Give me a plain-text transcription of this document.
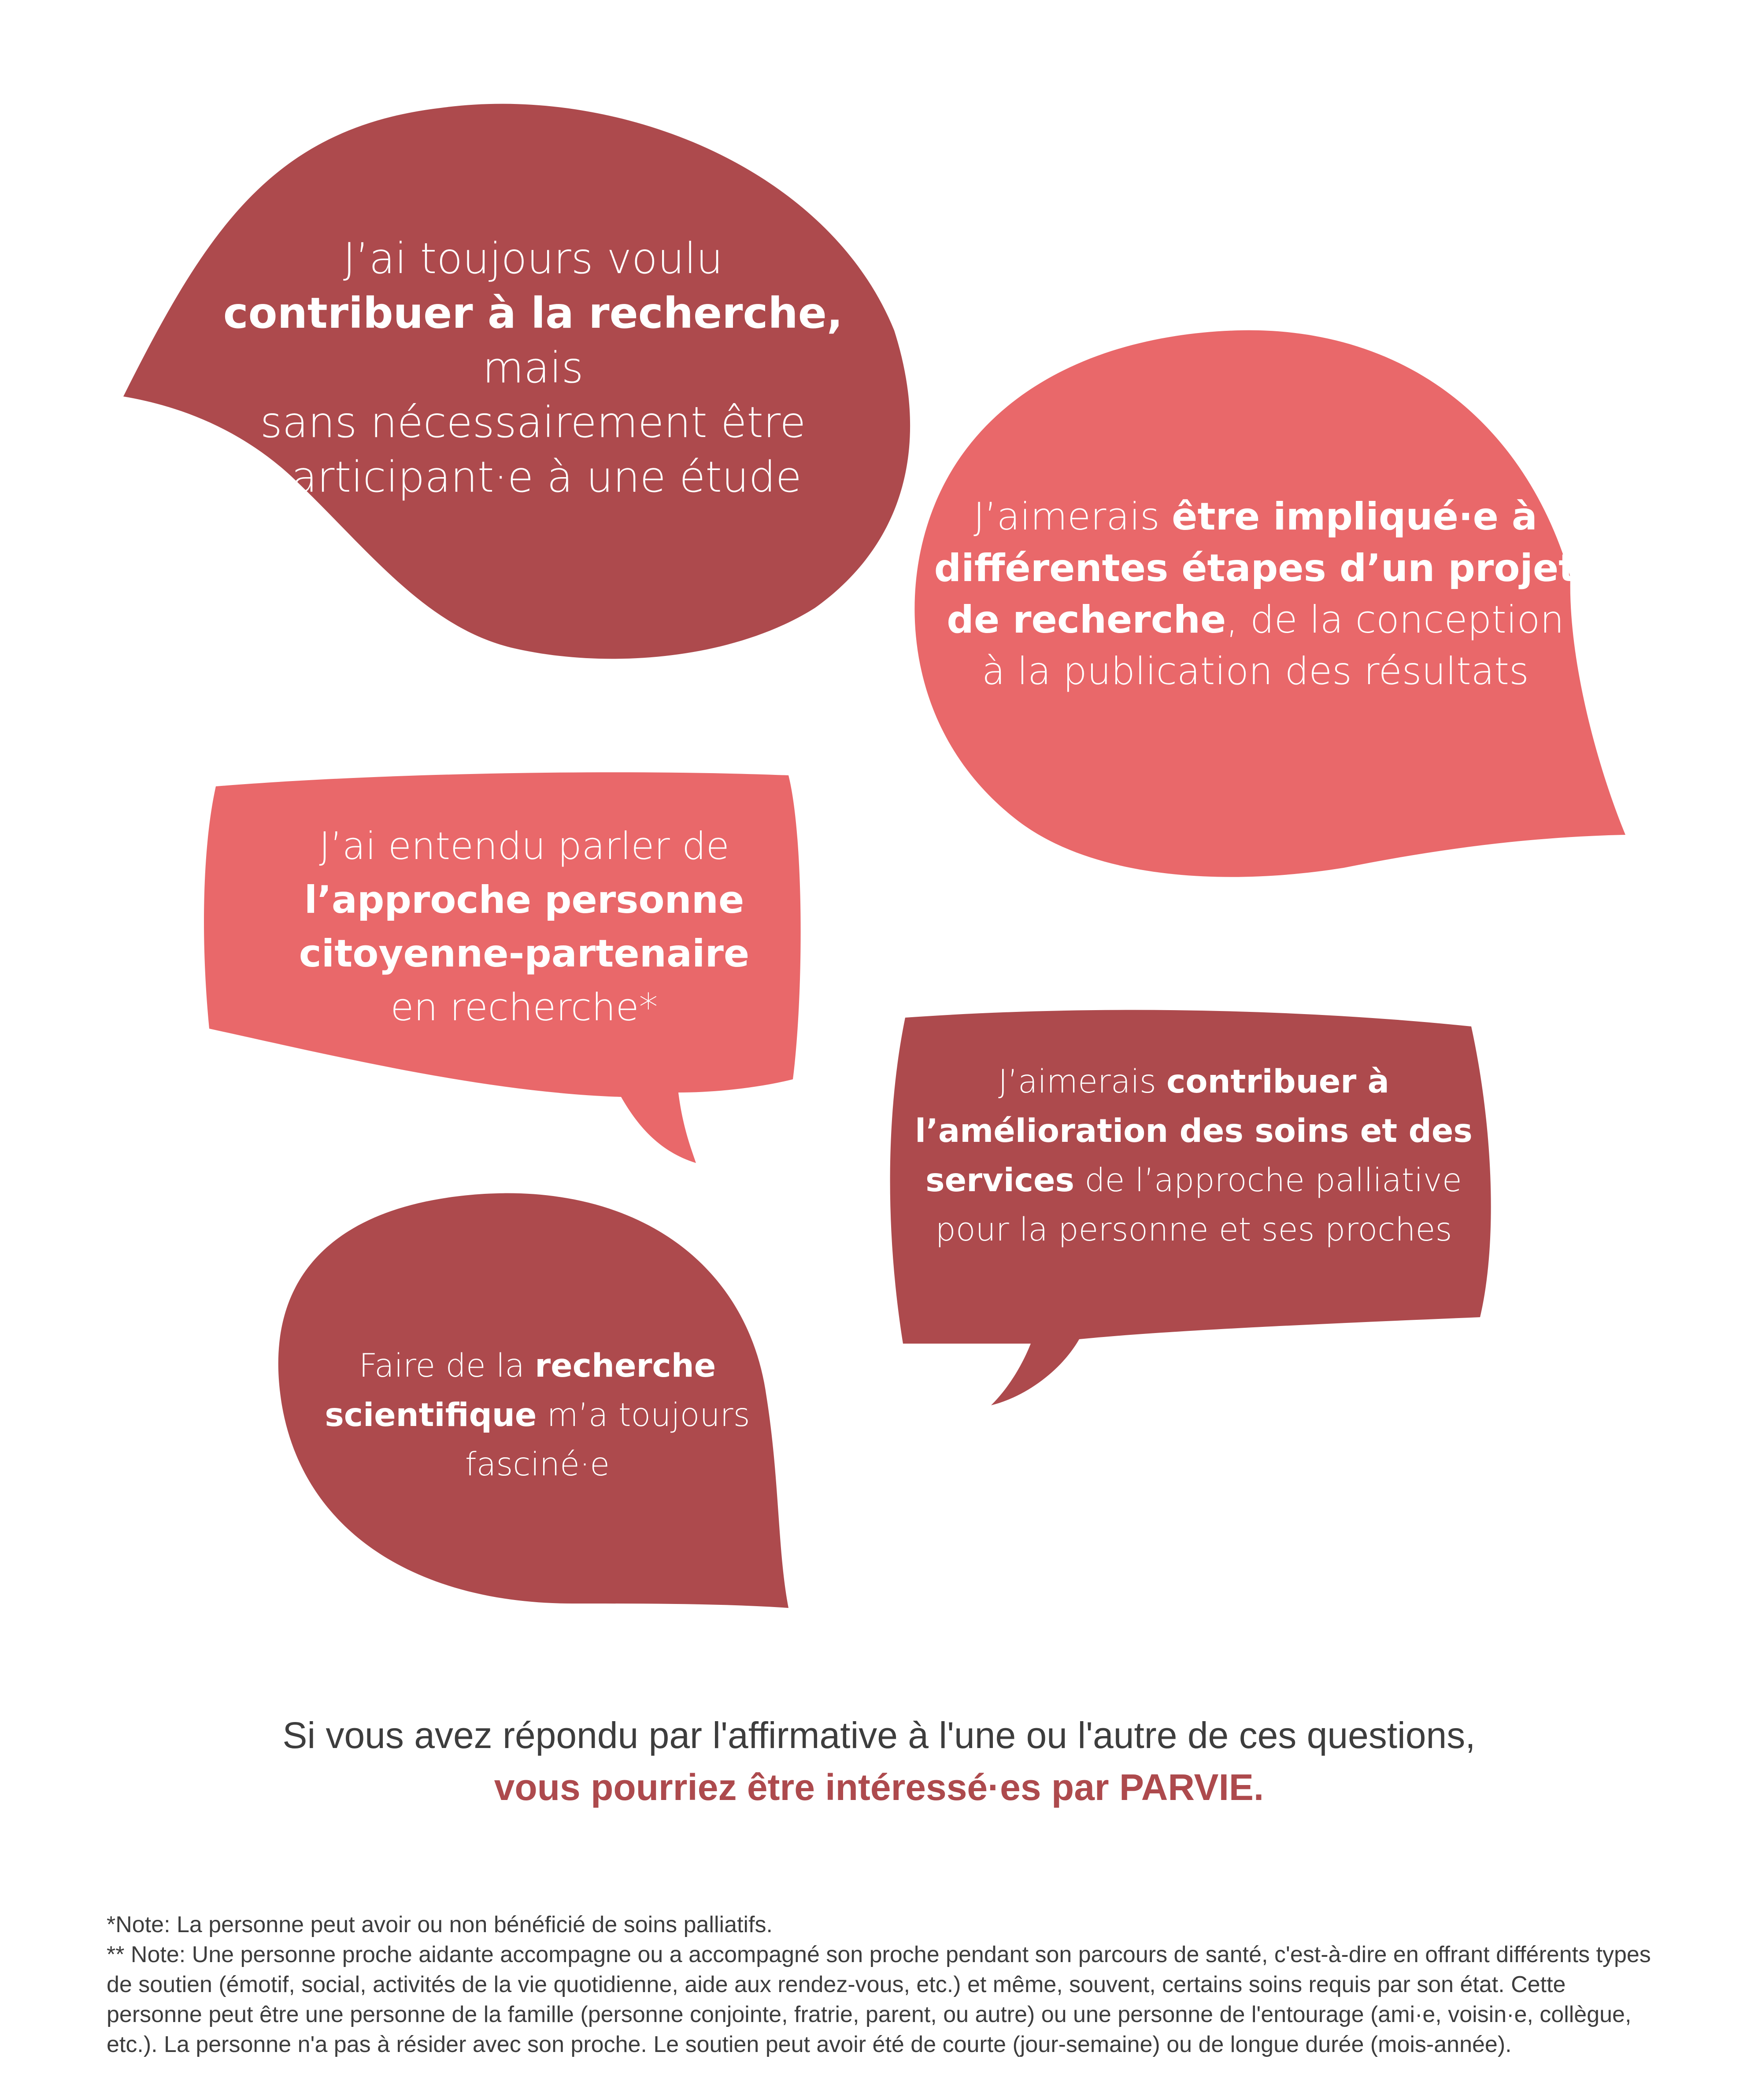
J’ai toujours voulu
contribuer à la recherche, mais
sans nécessairement être
participant·e à une étude
J’aimerais être impliqué·e à
différentes étapes d’un projet
de recherche, de la conception
à la publication des résultats
J’ai entendu parler de
l’approche personne
citoyenne-partenaire
en recherche*
J’aimerais contribuer à
l’amélioration des soins et des
services de l’approche palliative
pour la personne et ses proches
Faire de la recherche
scientifique m’a toujours
fasciné·e
Si vous avez répondu par l'affirmative à l'une ou l'autre de ces questions,
vous pourriez être intéressé·es par PARVIE.

*Note: La personne peut avoir ou non bénéficié de soins palliatifs.

** Note: Une personne proche aidante accompagne ou a accompagné son proche pendant son parcours de santé, c'est-à-dire en offrant différents types de soutien (émotif, social, activités de la vie quotidienne, aide aux rendez-vous, etc.) et même, souvent, certains soins requis par son état. Cette personne peut être une personne de la famille (personne conjointe, fratrie, parent, ou autre) ou une personne de l'entourage (ami·e, voisin·e, collègue, etc.). La personne n'a pas à résider avec son proche. Le soutien peut avoir été de courte (jour-semaine) ou de longue durée (mois-année).
